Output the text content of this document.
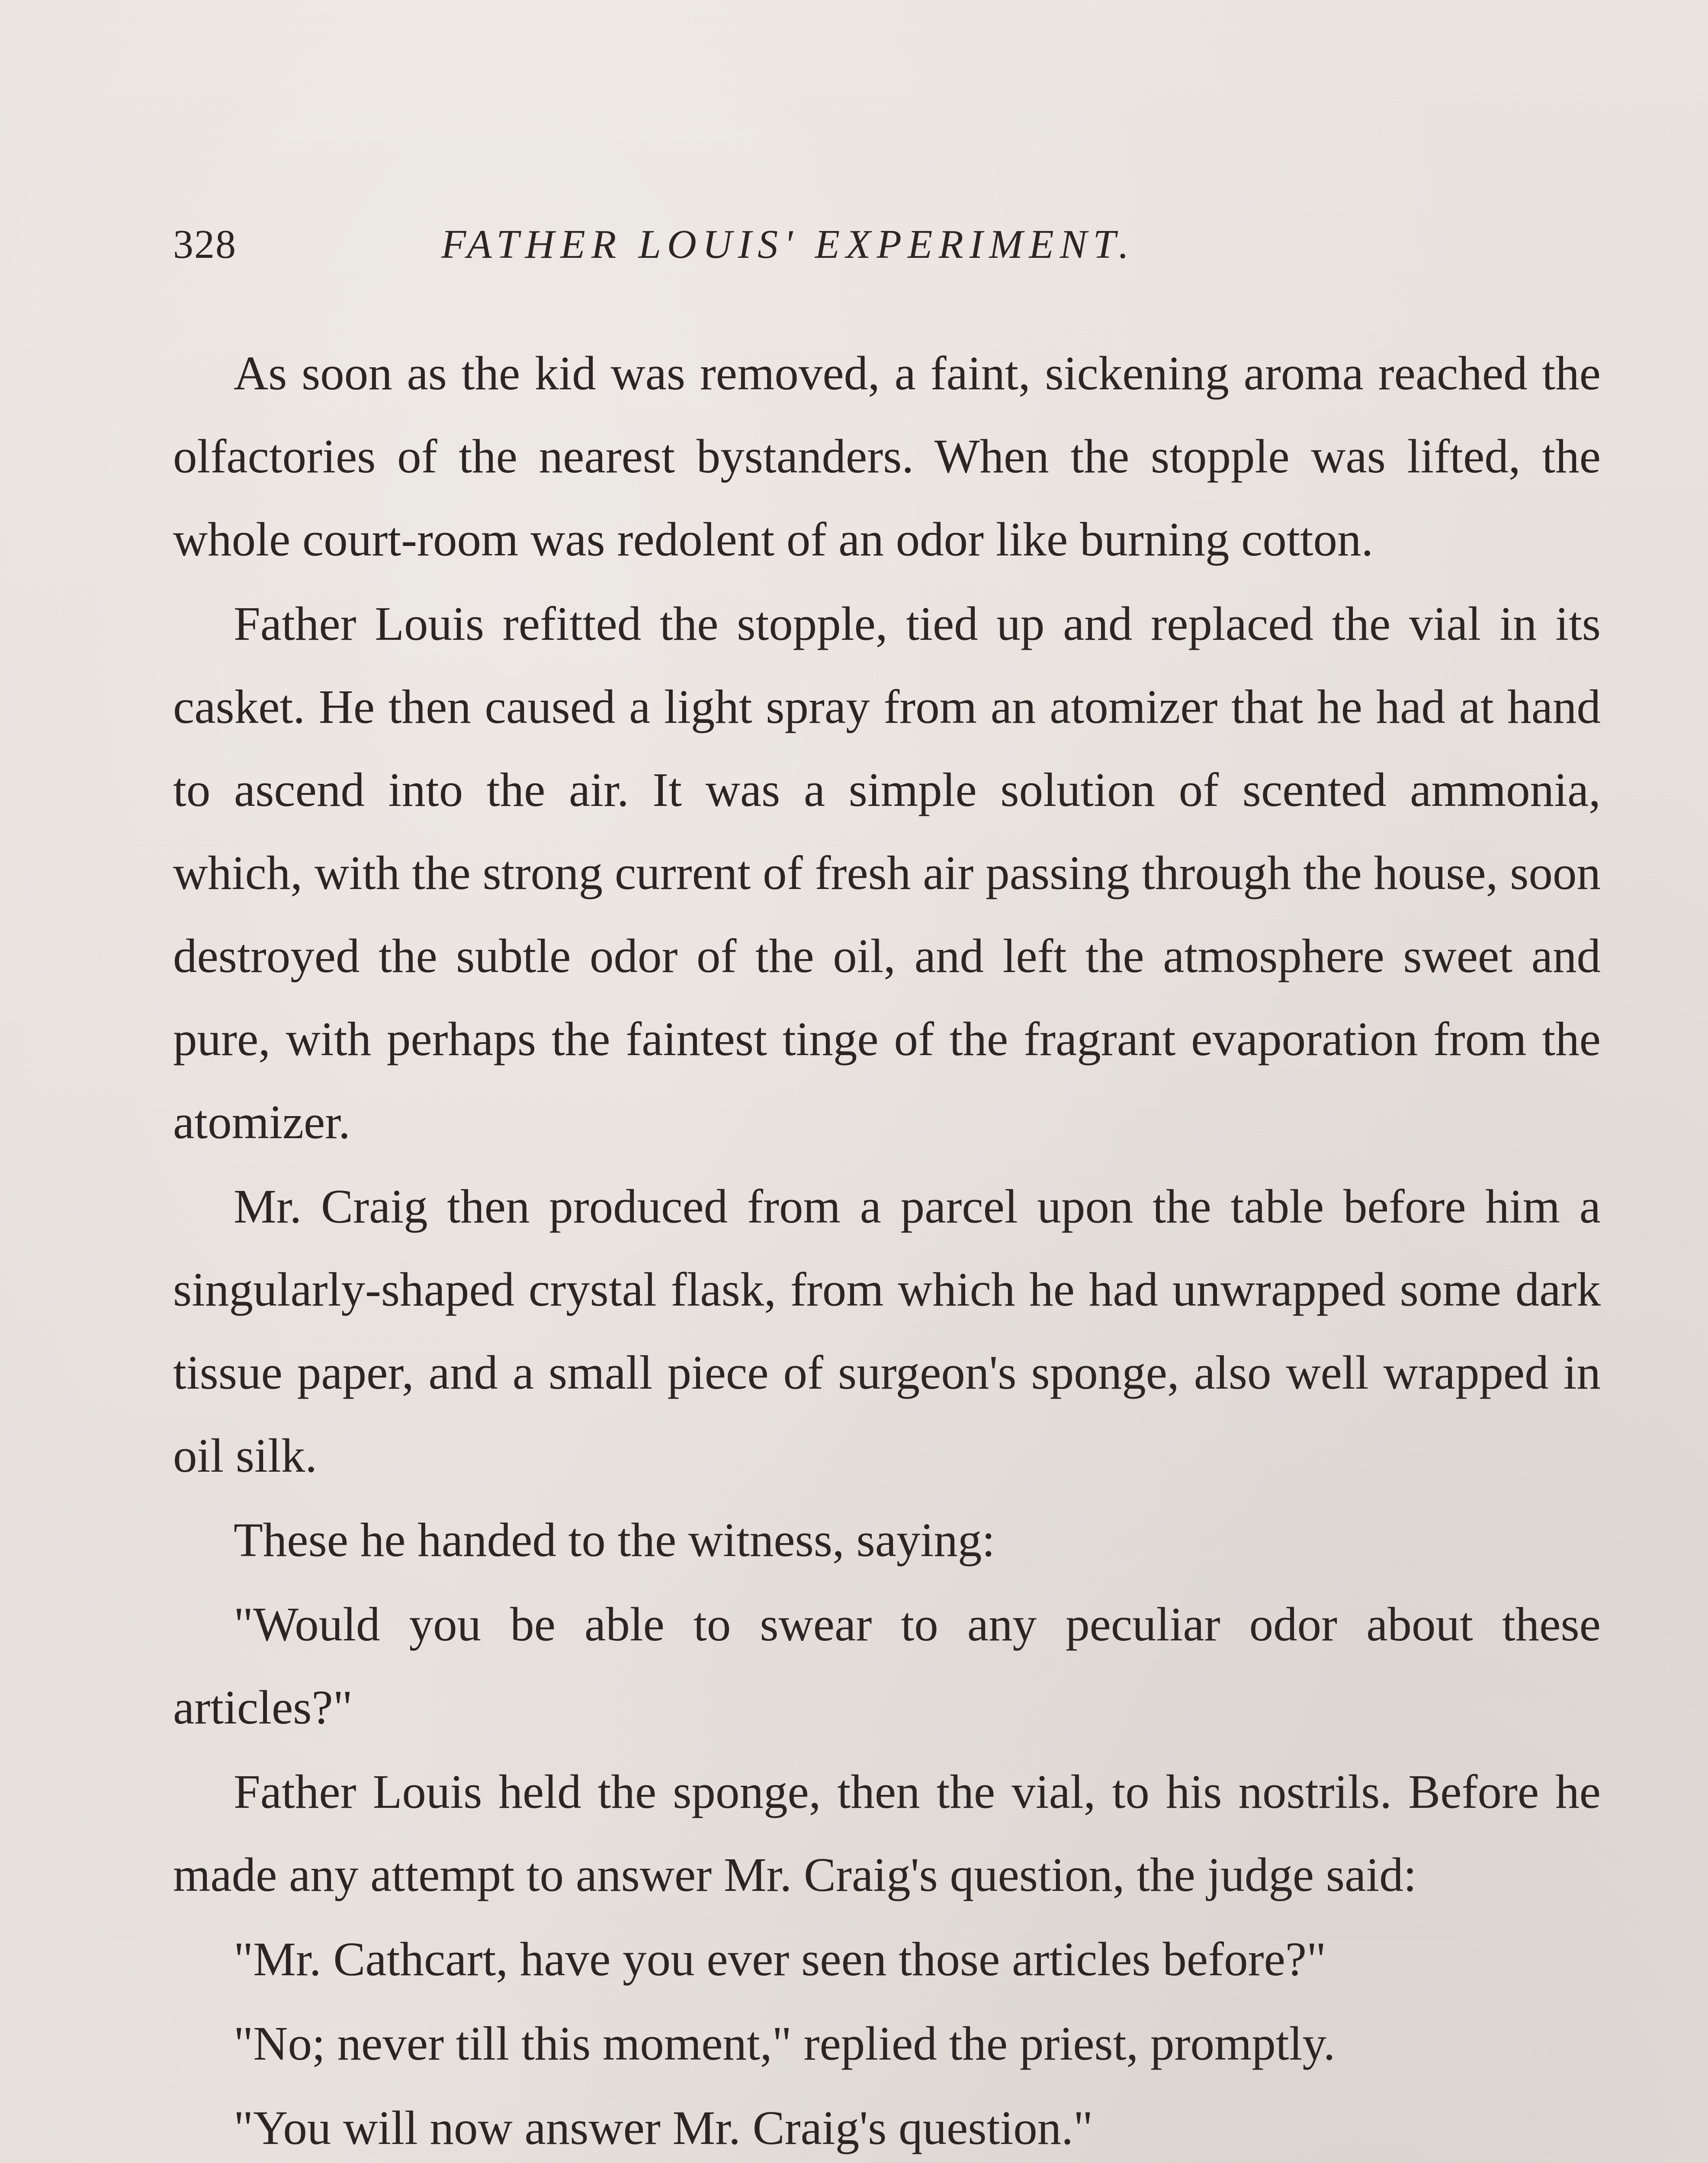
328	FATHER LOUIS' EXPERIMENT.

As soon as the kid was removed, a faint, sickening aroma reached the olfactories of the nearest bystanders. When the stopple was lifted, the whole court-room was redolent of an odor like burning cotton.

Father Louis refitted the stopple, tied up and replaced the vial in its casket. He then caused a light spray from an atomizer that he had at hand to ascend into the air. It was a simple solution of scented ammonia, which, with the strong current of fresh air passing through the house, soon destroyed the subtle odor of the oil, and left the atmosphere sweet and pure, with perhaps the faintest tinge of the fragrant evaporation from the atomizer.

Mr. Craig then produced from a parcel upon the table before him a singularly-shaped crystal flask, from which he had unwrapped some dark tissue paper, and a small piece of surgeon's sponge, also well wrapped in oil silk.

These he handed to the witness, saying:

"Would you be able to swear to any peculiar odor about these articles?"

Father Louis held the sponge, then the vial, to his nostrils. Before he made any attempt to answer Mr. Craig's question, the judge said:

"Mr. Cathcart, have you ever seen those articles before?"

"No; never till this moment," replied the priest, promptly.

"You will now answer Mr. Craig's question."
